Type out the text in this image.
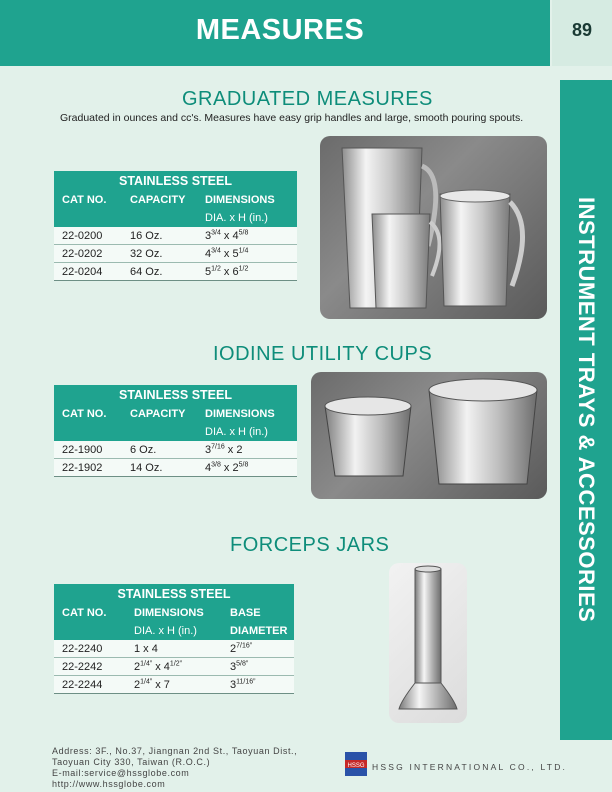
MEASURES	89
INSTRUMENT TRAYS & ACCESSORIES
GRADUATED MEASURES
Graduated in ounces and cc's. Measures have easy grip handles and large, smooth pouring spouts.
STAINLESS STEEL
CAT NO.	CAPACITY	DIMENSIONS
DIA. x H (in.)
22-0200	16 Oz.	$3^{3/4}$ x $4^{5/8}$
22-0202	32 Oz.	$4^{3/4}$ x $5^{1/4}$
22-0204	64 Oz.	$5^{1/2}$ x $6^{1/2}$
IODINE UTILITY CUPS
STAINLESS STEEL
CAT NO.	CAPACITY	DIMENSIONS
DIA. x H (in.)
22-1900	6 Oz.	$3^{7/16}$ x 2
22-1902	14 Oz.	$4^{3/8}$ x $2^{5/8}$
FORCEPS JARS
STAINLESS STEEL
CAT NO.	DIMENSIONS	BASE
DIA. x H (in.)	DIAMETER
22-2240	1 x 4	$2^{7/16”}$
22-2242	$2^{1/4”}$ x $4^{1/2”}$	$3^{5/8”}$
22-2244	$2^{1/4”}$ x 7	$3^{11/16”}$
Address: 3F., No.37, Jiangnan 2nd St., Taoyuan Dist.,
Taoyuan City 330, Taiwan (R.O.C.)
E-mail:service@hssglobe.com
http://www.hssglobe.com
HSSG HSSG INTERNATIONAL CO., LTD.
